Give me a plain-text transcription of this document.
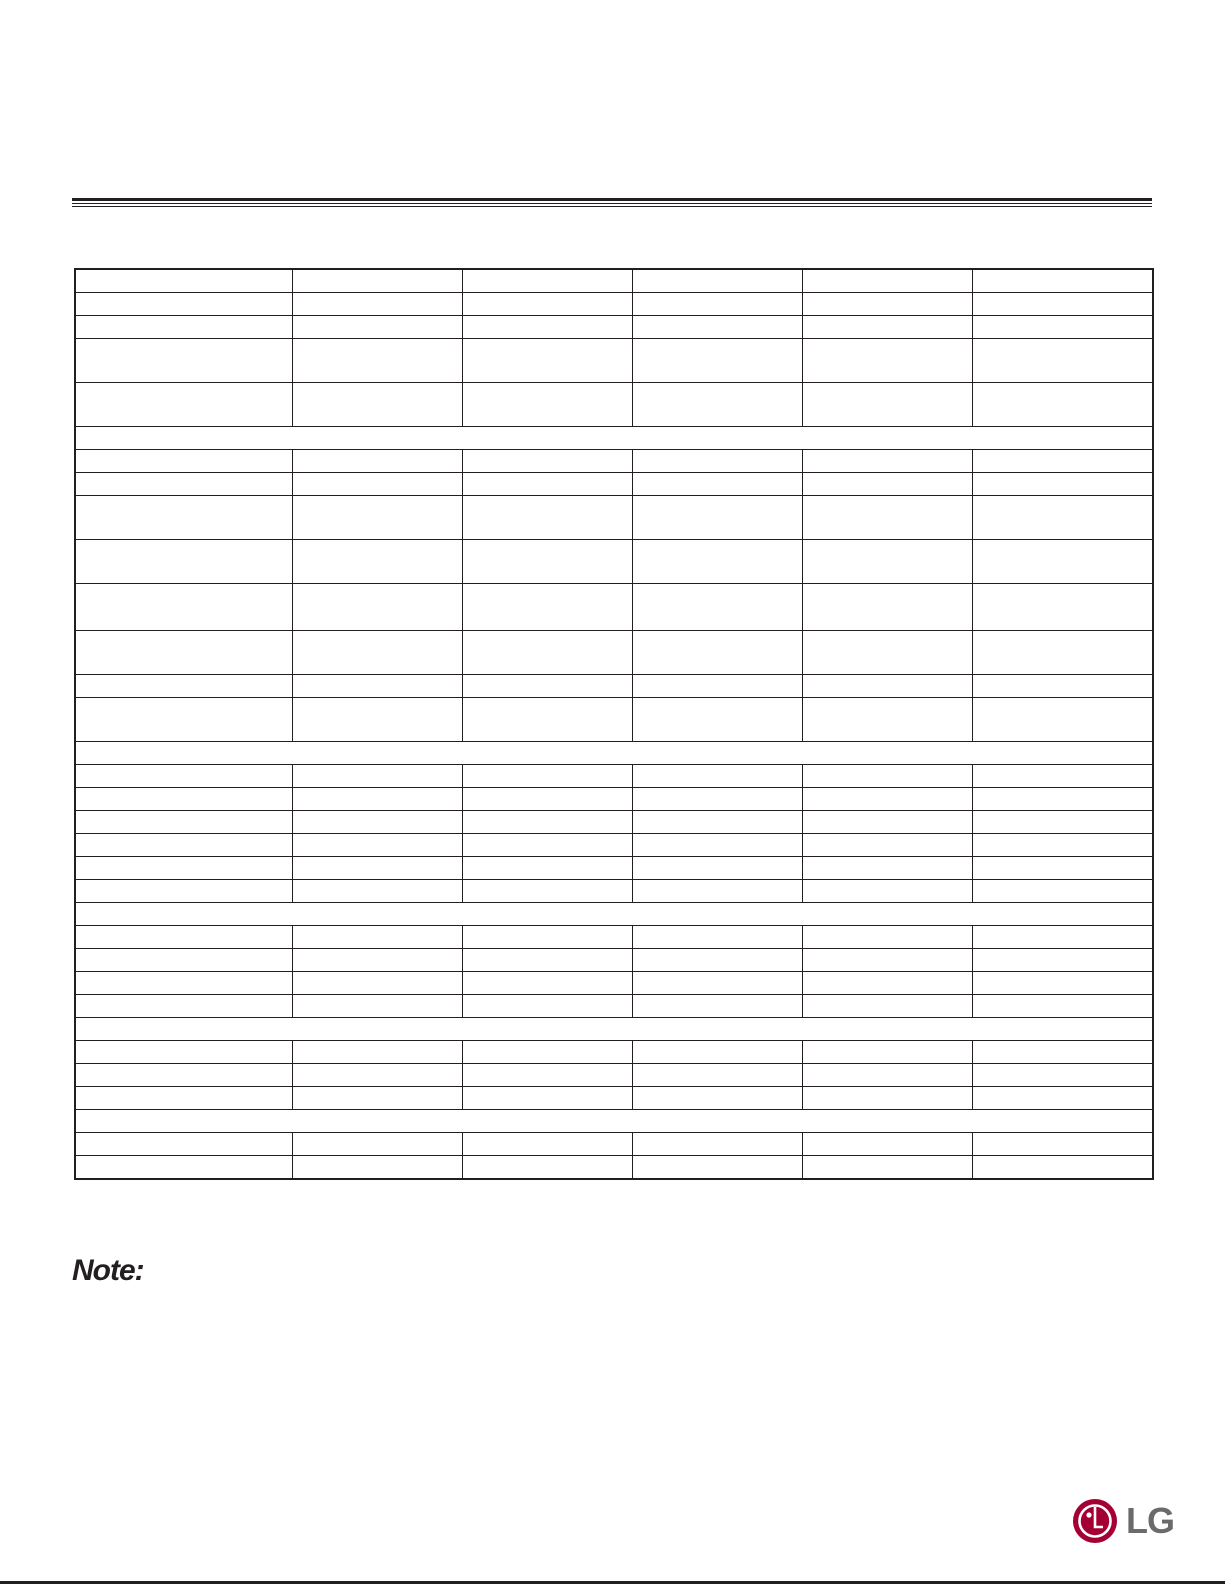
Note:

LG
